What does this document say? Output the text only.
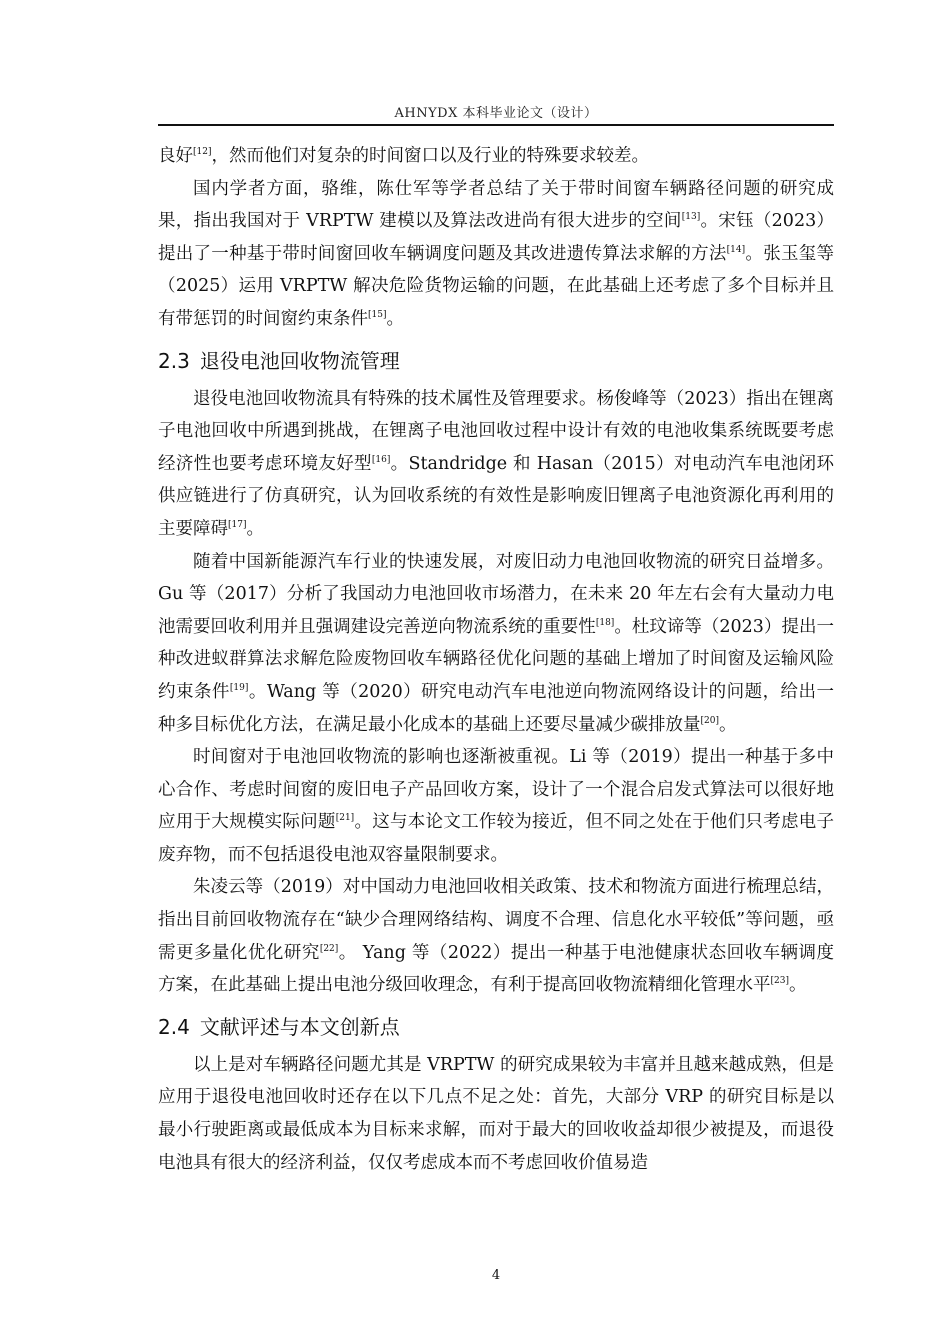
AHNYDX 本科毕业论文（设计）

良好[12]，然而他们对复杂的时间窗口以及行业的特殊要求较差。

国内学者方面，骆维，陈仕军等学者总结了关于带时间窗车辆路径问题的研究成果，指出我国对于 VRPTW 建模以及算法改进尚有很大进步的空间[13]。宋钰（2023）提出了一种基于带时间窗回收车辆调度问题及其改进遗传算法求解的方法[14]。张玉玺等（2025）运用 VRPTW 解决危险货物运输的问题，在此基础上还考虑了多个目标并且有带惩罚的时间窗约束条件[15]。

2.3 退役电池回收物流管理

退役电池回收物流具有特殊的技术属性及管理要求。杨俊峰等（2023）指出在锂离子电池回收中所遇到挑战，在锂离子电池回收过程中设计有效的电池收集系统既要考虑经济性也要考虑环境友好型[16]。Standridge 和 Hasan（2015）对电动汽车电池闭环供应链进行了仿真研究，认为回收系统的有效性是影响废旧锂离子电池资源化再利用的主要障碍[17]。

随着中国新能源汽车行业的快速发展，对废旧动力电池回收物流的研究日益增多。Gu 等（2017）分析了我国动力电池回收市场潜力，在未来 20 年左右会有大量动力电池需要回收利用并且强调建设完善逆向物流系统的重要性[18]。杜玟谛等（2023）提出一种改进蚁群算法求解危险废物回收车辆路径优化问题的基础上增加了时间窗及运输风险约束条件[19]。Wang 等（2020）研究电动汽车电池逆向物流网络设计的问题，给出一种多目标优化方法，在满足最小化成本的基础上还要尽量减少碳排放量[20]。

时间窗对于电池回收物流的影响也逐渐被重视。Li 等（2019）提出一种基于多中心合作、考虑时间窗的废旧电子产品回收方案，设计了一个混合启发式算法可以很好地应用于大规模实际问题[21]。这与本论文工作较为接近，但不同之处在于他们只考虑电子废弃物，而不包括退役电池双容量限制要求。

朱凌云等（2019）对中国动力电池回收相关政策、技术和物流方面进行梳理总结，指出目前回收物流存在“缺少合理网络结构、调度不合理、信息化水平较低”等问题，亟需更多量化优化研究[22]。 Yang 等（2022）提出一种基于电池健康状态回收车辆调度方案，在此基础上提出电池分级回收理念，有利于提高回收物流精细化管理水平[23]。

2.4 文献评述与本文创新点

以上是对车辆路径问题尤其是 VRPTW 的研究成果较为丰富并且越来越成熟，但是应用于退役电池回收时还存在以下几点不足之处：首先，大部分 VRP 的研究目标是以最小行驶距离或最低成本为目标来求解，而对于最大的回收收益却很少被提及，而退役电池具有很大的经济利益，仅仅考虑成本而不考虑回收价值易造

4
